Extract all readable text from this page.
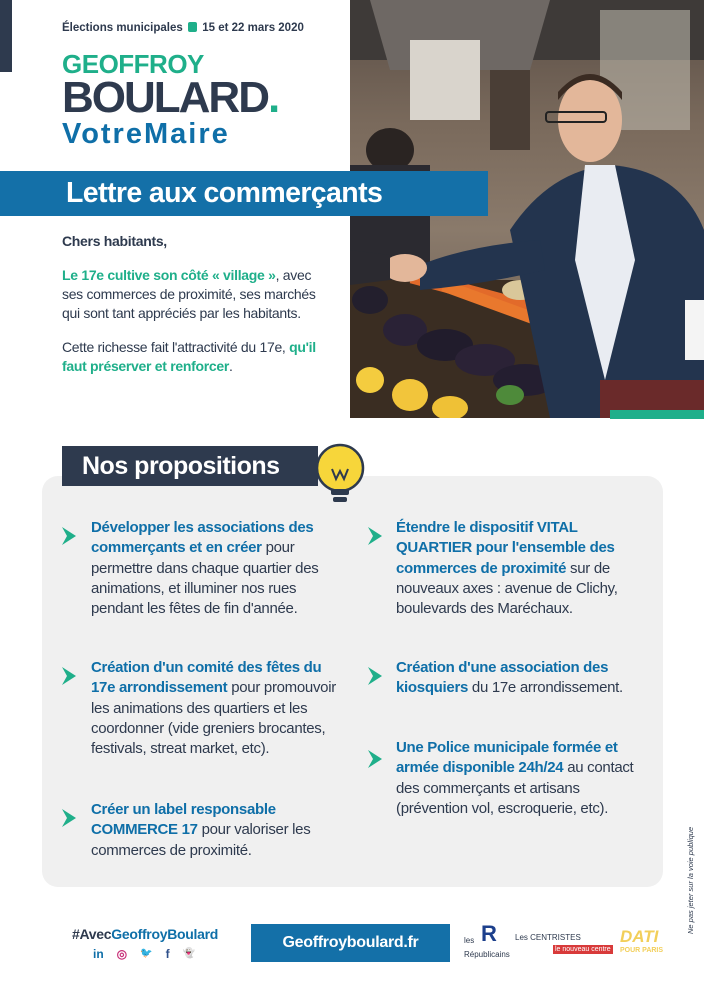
Élections municipales 15 et 22 mars 2020
GEOFFROY
BOULARD.
VotreMaire
Lettre aux commerçants
Chers habitants,
Le 17e cultive son côté « village », avec ses commerces de proximité, ses marchés qui sont tant appréciés par les habitants.
Cette richesse fait l'attractivité du 17e, qu'il faut préserver et renforcer.
Nos propositions
Développer les associations des commerçants et en créer pour permettre dans chaque quartier des animations, et illuminer nos rues pendant les fêtes de fin d'année.
Création d'un comité des fêtes du 17e arrondissement pour promouvoir les animations des quartiers et les coordonner (vide greniers brocantes, festivals, streat market, etc).
Créer un label responsable COMMERCE 17 pour valoriser les commerces de proximité.
Étendre le dispositif VITAL QUARTIER pour l'ensemble des commerces de proximité sur de nouveaux axes : avenue de Clichy, boulevards des Maréchaux.
Création d'une association des kiosquiers du 17e arrondissement.
Une Police municipale formée et armée disponible 24h/24 au contact des commerçants et artisans (prévention vol, escroquerie, etc).
#AvecGeoffroyBoulard
in ◎ 🐦 f 👻
Geoffroyboulard.fr	les R
Républicains
Les CENTRISTES
le nouveau centre
DATI
POUR PARIS
Ne pas jeter sur la voie publique
